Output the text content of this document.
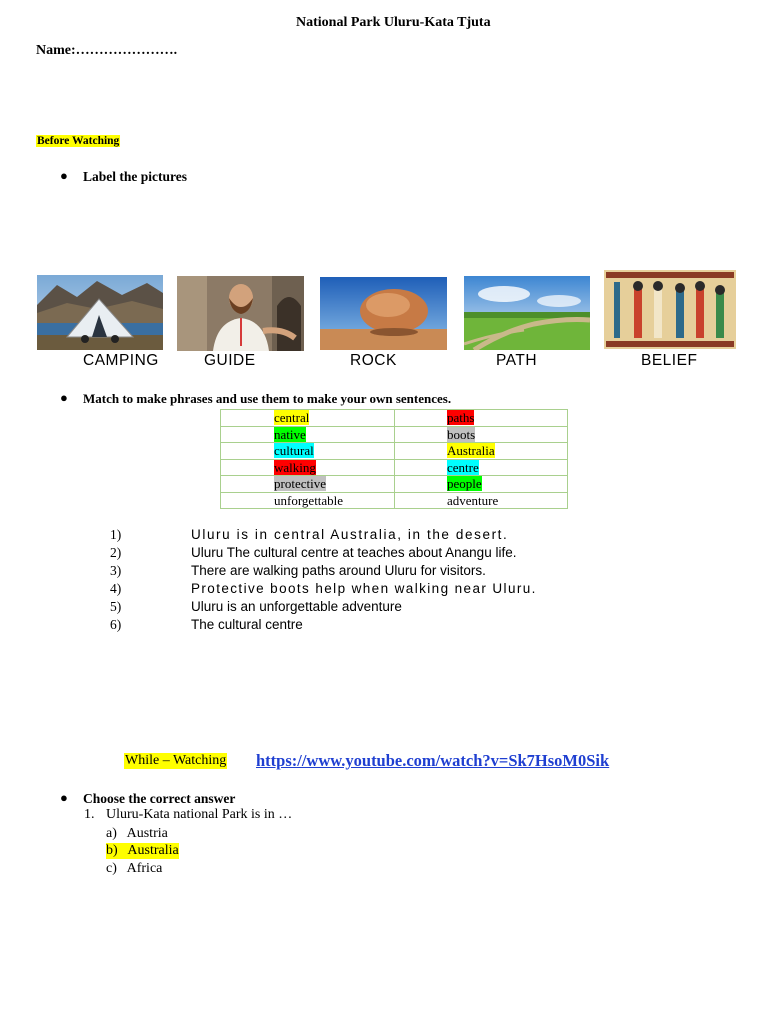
National Park Uluru-Kata Tjuta
Name:………………….
Before Watching
● Label the pictures
CAMPING	GUIDE	ROCK	PATH	BELIEF
● Match to make phrases and use them to make your own sentences.
central	paths
native	boots
cultural	Australia
walking	centre
protective	people
unforgettable	adventure
1)	Uluru is in central Australia, in the desert.
2)	Uluru The cultural centre at teaches about Anangu life.
3)	There are walking paths around Uluru for visitors.
4)	Protective boots help when walking near Uluru.
5)	Uluru is an unforgettable adventure
6)	The cultural centre
While – Watching https://www.youtube.com/watch?v=Sk7HsoM0Sik
● Choose the correct answer
1. Uluru-Kata national Park is in …
a) Austria
b) Australia
c) Africa
